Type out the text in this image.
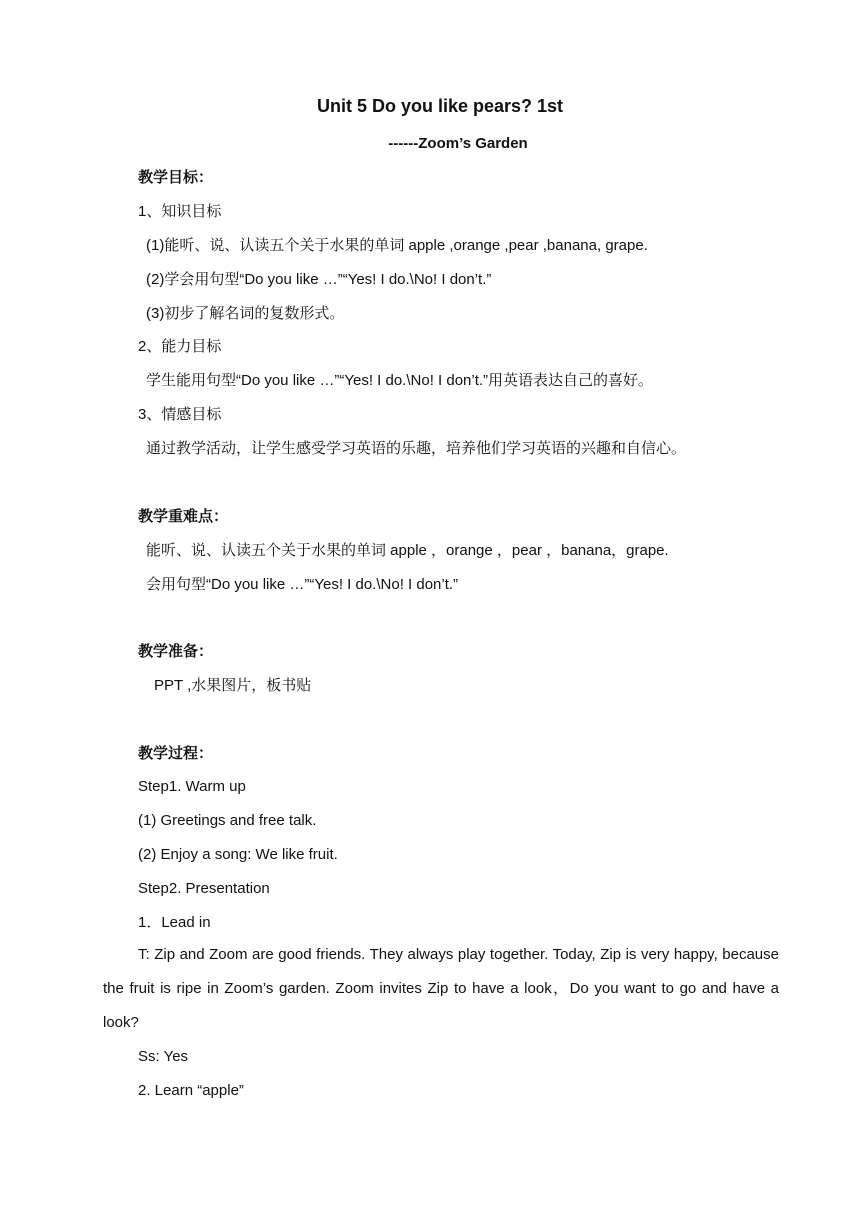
Unit 5 Do you like pears? 1st
------Zoom’s Garden
教学目标：
1、知识目标
(1)能听、说、认读五个关于水果的单词 apple ,orange ,pear ,banana, grape.
(2)学会用句型“Do you like …”“Yes! I do.\No! I don’t.”
(3)初步了解名词的复数形式。
2、能力目标
学生能用句型“Do you like …”“Yes! I do.\No! I don’t.”用英语表达自己的喜好。
3、情感目标
通过教学活动，让学生感受学习英语的乐趣，培养他们学习英语的兴趣和自信心。
教学重难点：
能听、说、认读五个关于水果的单词 apple ，orange ，pear ，banana，grape.
会用句型“Do you like …”“Yes! I do.\No! I don’t.”
教学准备：
PPT ,水果图片，板书贴
教学过程：
Step1. Warm up
(1) Greetings and free talk.
(2) Enjoy a song: We like fruit.
Step2. Presentation
1．Lead in
T: Zip and Zoom are good friends. They always play together. Today, Zip is very happy, because the fruit is ripe in Zoom’s garden. Zoom invites Zip to have a look，Do you want to go and have a look?
Ss: Yes
2. Learn “apple”
